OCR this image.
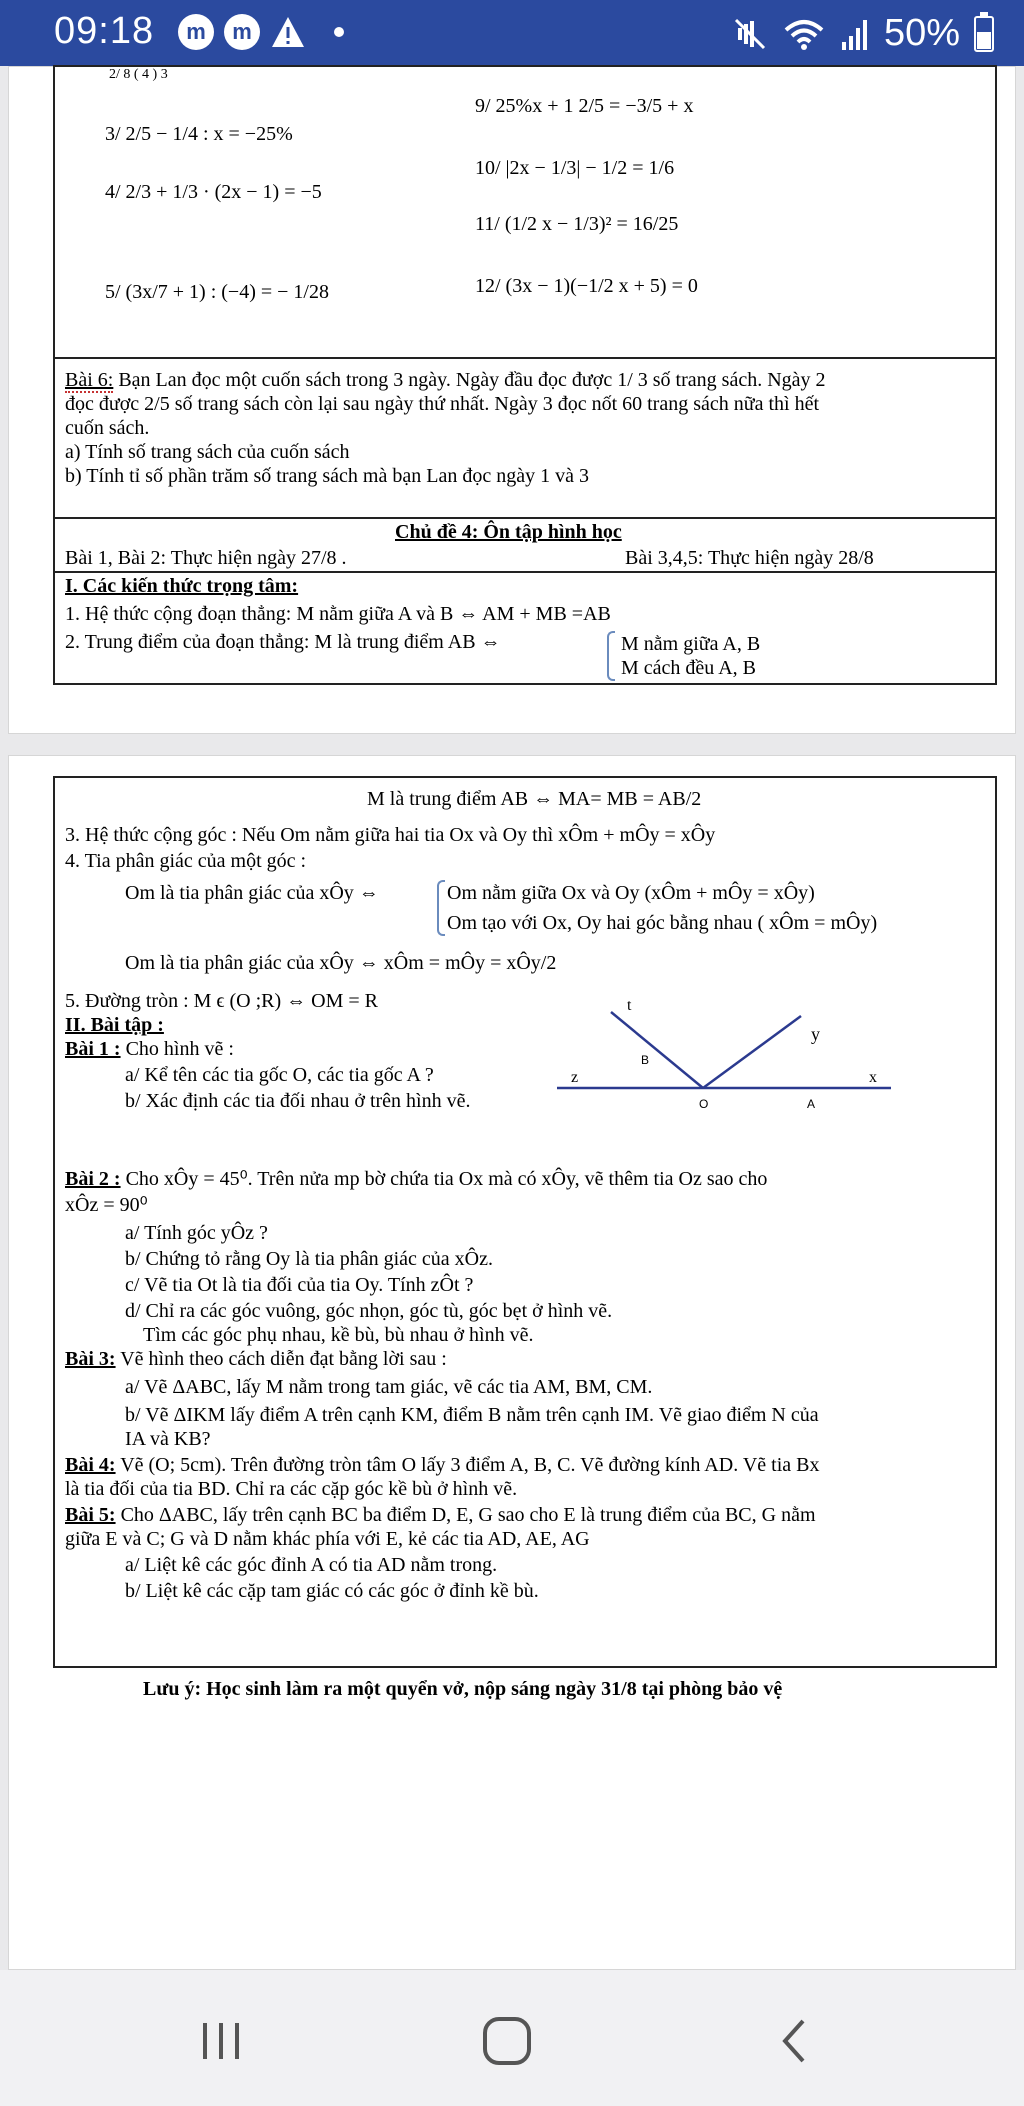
09:18	m	m	50%
2/ 8 ( 4 ) 3
3/ 2/5 − 1/4 : x = −25%
4/ 2/3 + 1/3 · (2x − 1) = −5
5/ (3x/7 + 1) : (−4) = − 1/28
9/ 25%x + 1 2/5 = −3/5 + x
10/ |2x − 1/3| − 1/2 = 1/6
11/ (1/2 x − 1/3)² = 16/25
12/ (3x − 1)(−1/2 x + 5) = 0
Bài 6: Bạn Lan đọc một cuốn sách trong 3 ngày. Ngày đầu đọc được 1/ 3 số trang sách. Ngày 2
đọc được 2/5 số trang sách còn lại sau ngày thứ nhất. Ngày 3 đọc nốt 60 trang sách nữa thì hết
cuốn sách.
a) Tính số trang sách của cuốn sách
b) Tính tỉ số phần trăm số trang sách mà bạn Lan đọc ngày 1 và 3
Chủ đề 4: Ôn tập hình học
Bài 1, Bài 2: Thực hiện ngày 27/8 .	Bài 3,4,5: Thực hiện ngày 28/8
I. Các kiến thức trọng tâm:
1. Hệ thức cộng đoạn thẳng: M nằm giữa A và B ⇔ AM + MB =AB
2. Trung điểm của đoạn thẳng: M là trung điểm AB ⇔	M nằm giữa A, B
M cách đều A, B
M là trung điểm AB ⇔ MA= MB = AB/2
3. Hệ thức cộng góc : Nếu Om nằm giữa hai tia Ox và Oy thì xÔm + mÔy = xÔy
4. Tia phân giác của một góc :
Om là tia phân giác của xÔy ⇔	Om nằm giữa Ox và Oy (xÔm + mÔy = xÔy)
Om tạo với Ox, Oy hai góc bằng nhau ( xÔm = mÔy)
Om là tia phân giác của xÔy ⇔ xÔm = mÔy = xÔy/2
5. Đường tròn : M ϵ (O ;R) ⇔ OM = R
II. Bài tập :
Bài 1 : Cho hình vẽ :
a/ Kể tên các tia gốc O, các tia gốc A ?
b/ Xác định các tia đối nhau ở trên hình vẽ.
t
y
B
z	x
O	A
Bài 2 : Cho xÔy = 45⁰. Trên nửa mp bờ chứa tia Ox mà có xÔy, vẽ thêm tia Oz sao cho
xÔz = 90⁰
a/ Tính góc yÔz ?
b/ Chứng tỏ rằng Oy là tia phân giác của xÔz.
c/ Vẽ tia Ot là tia đối của tia Oy. Tính zÔt ?
d/ Chỉ ra các góc vuông, góc nhọn, góc tù, góc bẹt ở hình vẽ.
Tìm các góc phụ nhau, kề bù, bù nhau ở hình vẽ.
Bài 3: Vẽ hình theo cách diễn đạt bằng lời sau :
a/ Vẽ ΔABC, lấy M nằm trong tam giác, vẽ các tia AM, BM, CM.
b/ Vẽ ΔIKM lấy điểm A trên cạnh KM, điểm B nằm trên cạnh IM. Vẽ giao điểm N của
IA và KB?
Bài 4: Vẽ (O; 5cm). Trên đường tròn tâm O lấy 3 điểm A, B, C. Vẽ đường kính AD. Vẽ tia Bx
là tia đối của tia BD. Chỉ ra các cặp góc kề bù ở hình vẽ.
Bài 5: Cho ΔABC, lấy trên cạnh BC ba điểm D, E, G sao cho E là trung điểm của BC, G nằm
giữa E và C; G và D nằm khác phía với E, kẻ các tia AD, AE, AG
a/ Liệt kê các góc đỉnh A có tia AD nằm trong.
b/ Liệt kê các cặp tam giác có các góc ở đỉnh kề bù.
Lưu ý: Học sinh làm ra một quyển vở, nộp sáng ngày 31/8 tại phòng bảo vệ
